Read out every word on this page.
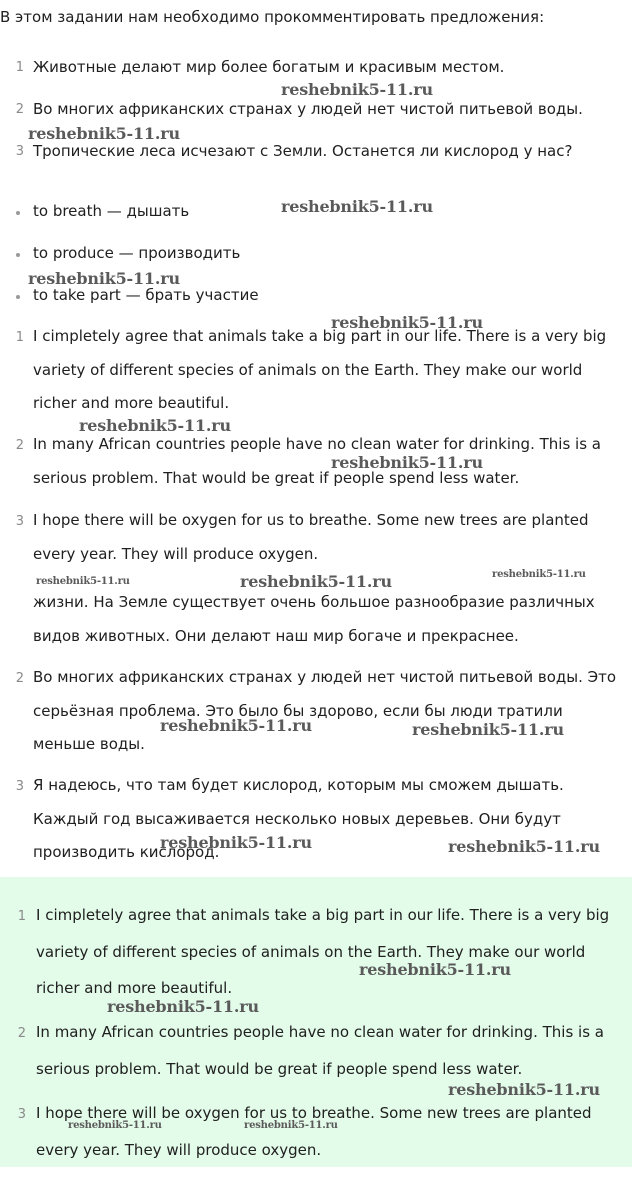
В этом задании нам необходимо прокомментировать предложения:
1 Животные делают мир более богатым и красивым местом.
2 Во многих африканских странах у людей нет чистой питьевой воды.
3 Тропические леса исчезают с Земли. Останется ли кислород у нас?
to breath — дышать
to produce — производить
to take part — брать участие
1 I cimpletely agree that animals take a big part in our life. There is a very big variety of different species of animals on the Earth. They make our world richer and more beautiful.
2 In many African countries people have no clean water for drinking. This is a serious problem. That would be great if people spend less water.
3 I hope there will be oxygen for us to breathe. Some new trees are planted every year. They will produce oxygen.
жизни. На Земле существует очень большое разнообразие различных видов животных. Они делают наш мир богаче и прекраснее.
2 Во многих африканских странах у людей нет чистой питьевой воды. Это серьёзная проблема. Это было бы здорово, если бы люди тратили меньше воды.
3 Я надеюсь, что там будет кислород, которым мы сможем дышать. Каждый год высаживается несколько новых деревьев. Они будут производить кислород.
1 I cimpletely agree that animals take a big part in our life. There is a very big variety of different species of animals on the Earth. They make our world richer and more beautiful.
2 In many African countries people have no clean water for drinking. This is a serious problem. That would be great if people spend less water.
3 I hope there will be oxygen for us to breathe. Some new trees are planted every year. They will produce oxygen.
reshebnik5-11.ru
reshebnik5-11.ru
reshebnik5-11.ru
reshebnik5-11.ru
reshebnik5-11.ru
reshebnik5-11.ru
reshebnik5-11.ru
reshebnik5-11.ru	reshebnik5-11.ru	reshebnik5-11.ru
reshebnik5-11.ru	reshebnik5-11.ru
reshebnik5-11.ru	reshebnik5-11.ru
reshebnik5-11.ru
reshebnik5-11.ru
reshebnik5-11.ru
reshebnik5-11.ru	reshebnik5-11.ru
